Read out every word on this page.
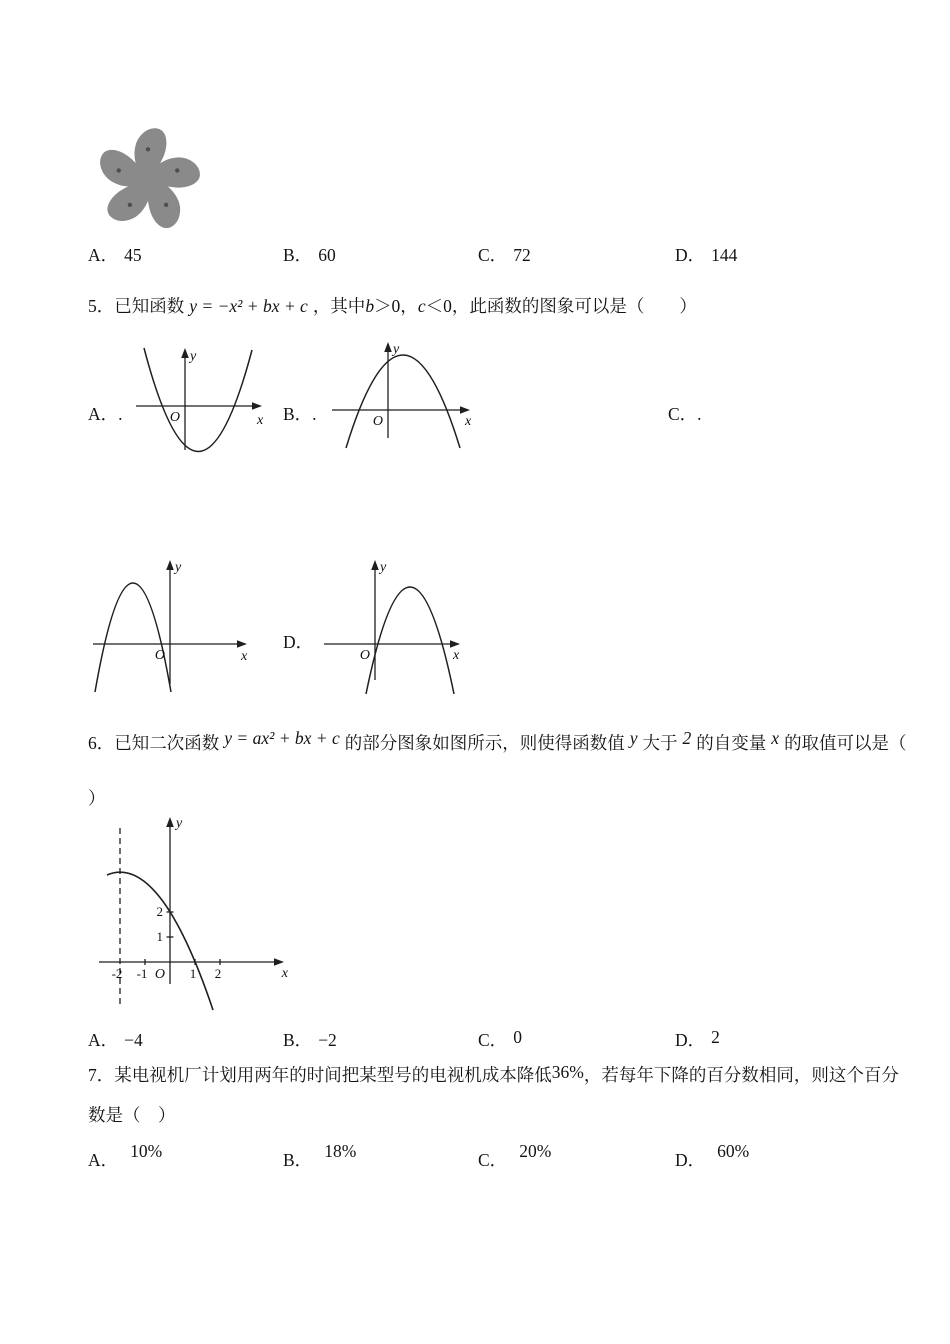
A． 45	B． 60	C． 72	D． 144
5．已知函数 y = −x² + bx + c ，其中b＞0，c＜0，此函数的图象可以是（　　）
A．.	B．.	C．.
D．
O	x
y
O	x
y
O	x
y
O	x
y
6．已知二次函数 y = ax² + bx + c 的部分图象如图所示，则使得函数值 y 大于 2 的自变量 x 的取值可以是（
）
-2 -1	1 2
1
2
O	x
y
A． −4	B． −2	C． 0	D． 2
7．某电视机厂计划用两年的时间把某型号的电视机成本降低36%，若每年下降的百分数相同，则这个百分
数是（　）
A． 10%	B． 18%	C． 20%	D． 60%
